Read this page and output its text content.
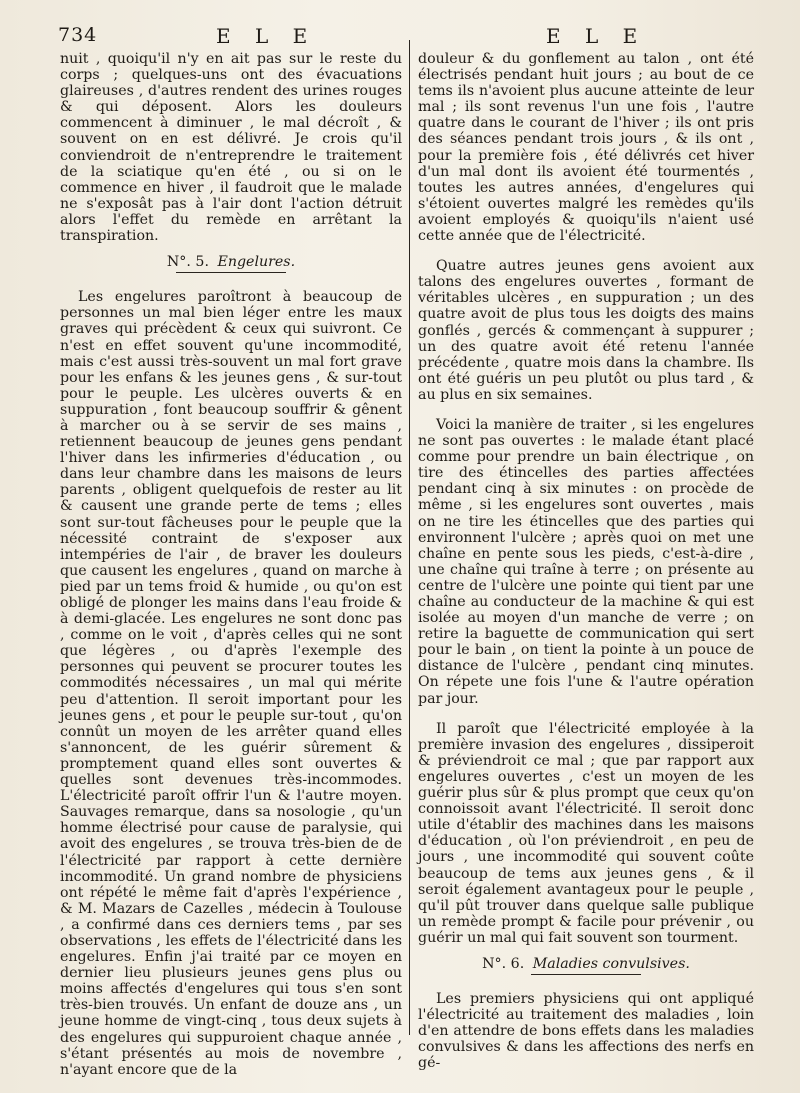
734	E L E	E L E

nuit , quoiqu'il n'y en ait pas sur le reste du corps ; quelques-uns ont des évacuations glaireuses , d'autres rendent des urines rouges & qui déposent. Alors les douleurs commencent à diminuer , le mal décroît , & souvent on en est délivré. Je crois qu'il conviendroit de n'entreprendre le traitement de la sciatique qu'en été , ou si on le commence en hiver , il faudroit que le malade ne s'exposât pas à l'air dont l'action détruit alors l'effet du remède en arrêtant la transpiration.

N°. 5. Engelures.

Les engelures paroîtront à beaucoup de personnes un mal bien léger entre les maux graves qui précèdent & ceux qui suivront. Ce n'est en effet souvent qu'une incommodité, mais c'est aussi très-souvent un mal fort grave pour les enfans & les jeunes gens , & sur-tout pour le peuple. Les ulcères ouverts & en suppuration , font beaucoup souffrir & gênent à marcher ou à se servir de ses mains , retiennent beaucoup de jeunes gens pendant l'hiver dans les infirmeries d'éducation , ou dans leur chambre dans les maisons de leurs parents , obligent quelquefois de rester au lit & causent une grande perte de tems ; elles sont sur-tout fâcheuses pour le peuple que la nécessité contraint de s'exposer aux intempéries de l'air , de braver les douleurs que causent les engelures , quand on marche à pied par un tems froid & humide , ou qu'on est obligé de plonger les mains dans l'eau froide & à demi-glacée. Les engelures ne sont donc pas , comme on le voit , d'après celles qui ne sont que légères , ou d'après l'exemple des personnes qui peuvent se procurer toutes les commodités nécessaires , un mal qui mérite peu d'attention. Il seroit important pour les jeunes gens , et pour le peuple sur-tout , qu'on connût un moyen de les arrêter quand elles s'annoncent, de les guérir sûrement & promptement quand elles sont ouvertes & quelles sont devenues très-incommodes. L'électricité paroît offrir l'un & l'autre moyen. Sauvages remarque, dans sa nosologie , qu'un homme électrisé pour cause de paralysie, qui avoit des engelures , se trouva très-bien de de l'électricité par rapport à cette dernière incommodité. Un grand nombre de physiciens ont répété le même fait d'après l'expérience , & M. Mazars de Cazelles , médecin à Toulouse , a confirmé dans ces derniers tems , par ses observations , les effets de l'électricité dans les engelures. Enfin j'ai traité par ce moyen en dernier lieu plusieurs jeunes gens plus ou moins affectés d'engelures qui tous s'en sont très-bien trouvés. Un enfant de douze ans , un jeune homme de vingt-cinq , tous deux sujets à des engelures qui suppuroient chaque année , s'étant présentés au mois de novembre , n'ayant encore que de la

douleur & du gonflement au talon , ont été électrisés pendant huit jours ; au bout de ce tems ils n'avoient plus aucune atteinte de leur mal ; ils sont revenus l'un une fois , l'autre quatre dans le courant de l'hiver ; ils ont pris des séances pendant trois jours , & ils ont , pour la première fois , été délivrés cet hiver d'un mal dont ils avoient été tourmentés , toutes les autres années, d'engelures qui s'étoient ouvertes malgré les remèdes qu'ils avoient employés & quoiqu'ils n'aient usé cette année que de l'électricité.

Quatre autres jeunes gens avoient aux talons des engelures ouvertes , formant de véritables ulcères , en suppuration ; un des quatre avoit de plus tous les doigts des mains gonflés , gercés & commençant à suppurer ; un des quatre avoit été retenu l'année précédente , quatre mois dans la chambre. Ils ont été guéris un peu plutôt ou plus tard , & au plus en six semaines.

Voici la manière de traiter , si les engelures ne sont pas ouvertes : le malade étant placé comme pour prendre un bain électrique , on tire des étincelles des parties affectées pendant cinq à six minutes : on procède de même , si les engelures sont ouvertes , mais on ne tire les étincelles que des parties qui environnent l'ulcère ; après quoi on met une chaîne en pente sous les pieds, c'est-à-dire , une chaîne qui traîne à terre ; on présente au centre de l'ulcère une pointe qui tient par une chaîne au conducteur de la machine & qui est isolée au moyen d'un manche de verre ; on retire la baguette de communication qui sert pour le bain , on tient la pointe à un pouce de distance de l'ulcère , pendant cinq minutes. On répete une fois l'une & l'autre opération par jour.

Il paroît que l'électricité employée à la première invasion des engelures , dissiperoit & préviendroit ce mal ; que par rapport aux engelures ouvertes , c'est un moyen de les guérir plus sûr & plus prompt que ceux qu'on connoissoit avant l'électricité. Il seroit donc utile d'établir des machines dans les maisons d'éducation , où l'on préviendroit , en peu de jours , une incommodité qui souvent coûte beaucoup de tems aux jeunes gens , & il seroit également avantageux pour le peuple , qu'il pût trouver dans quelque salle publique un remède prompt & facile pour prévenir , ou guérir un mal qui fait souvent son tourment.

N°. 6. Maladies convulsives.

Les premiers physiciens qui ont appliqué l'électricité au traitement des maladies , loin d'en attendre de bons effets dans les maladies convulsives & dans les affections des nerfs en gé-
